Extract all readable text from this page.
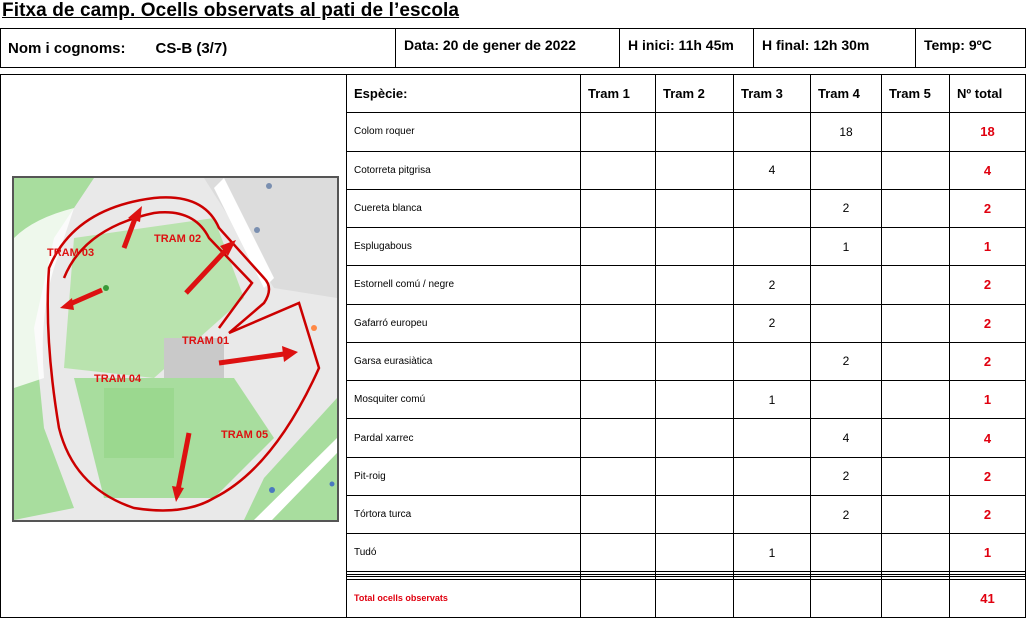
Fitxa de camp. Ocells observats al pati de l’escola
Nom i cognoms: CS-B (3/7)	Data: 20 de gener de 2022	H inici: 11h 45m	H final: 12h 30m	Temp: 9ºC
TRAM 03
TRAM 02
TRAM 01
TRAM 04
TRAM 05
Espècie:	Tram 1	Tram 2	Tram 3	Tram 4	Tram 5	Nº total
Colom roquer				18		18
Cotorreta pitgrisa			4			4
Cuereta blanca				2		2
Esplugabous				1		1
Estornell comú / negre			2			2
Gafarró europeu			2			2
Garsa eurasiàtica				2		2
Mosquiter comú			1			1
Pardal xarrec				4		4
Pit-roig				2		2
Tórtora turca				2		2
Tudó			1			1

Total ocells observats						41
